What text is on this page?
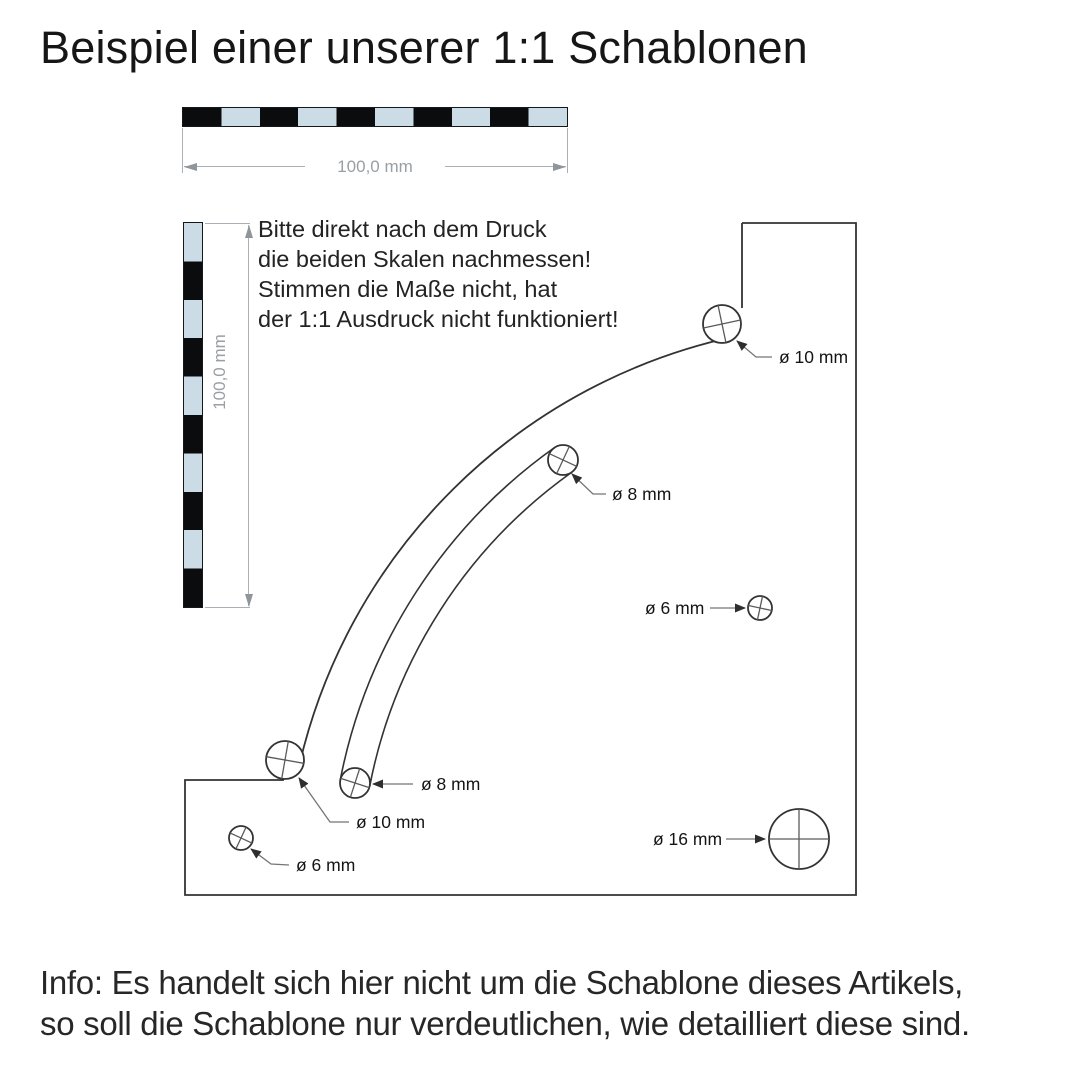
Beispiel einer unserer 1:1 Schablonen
ø 10 mm
ø 8 mm
ø 6 mm
ø 8 mm
ø 10 mm
ø 6 mm
ø 16 mm
100,0 mm
100,0 mm
Bitte direkt nach dem Druck
die beiden Skalen nachmessen!
Stimmen die Maße nicht, hat
der 1:1 Ausdruck nicht funktioniert!
Info: Es handelt sich hier nicht um die Schablone dieses Artikels,
so soll die Schablone nur verdeutlichen, wie detailliert diese sind.
